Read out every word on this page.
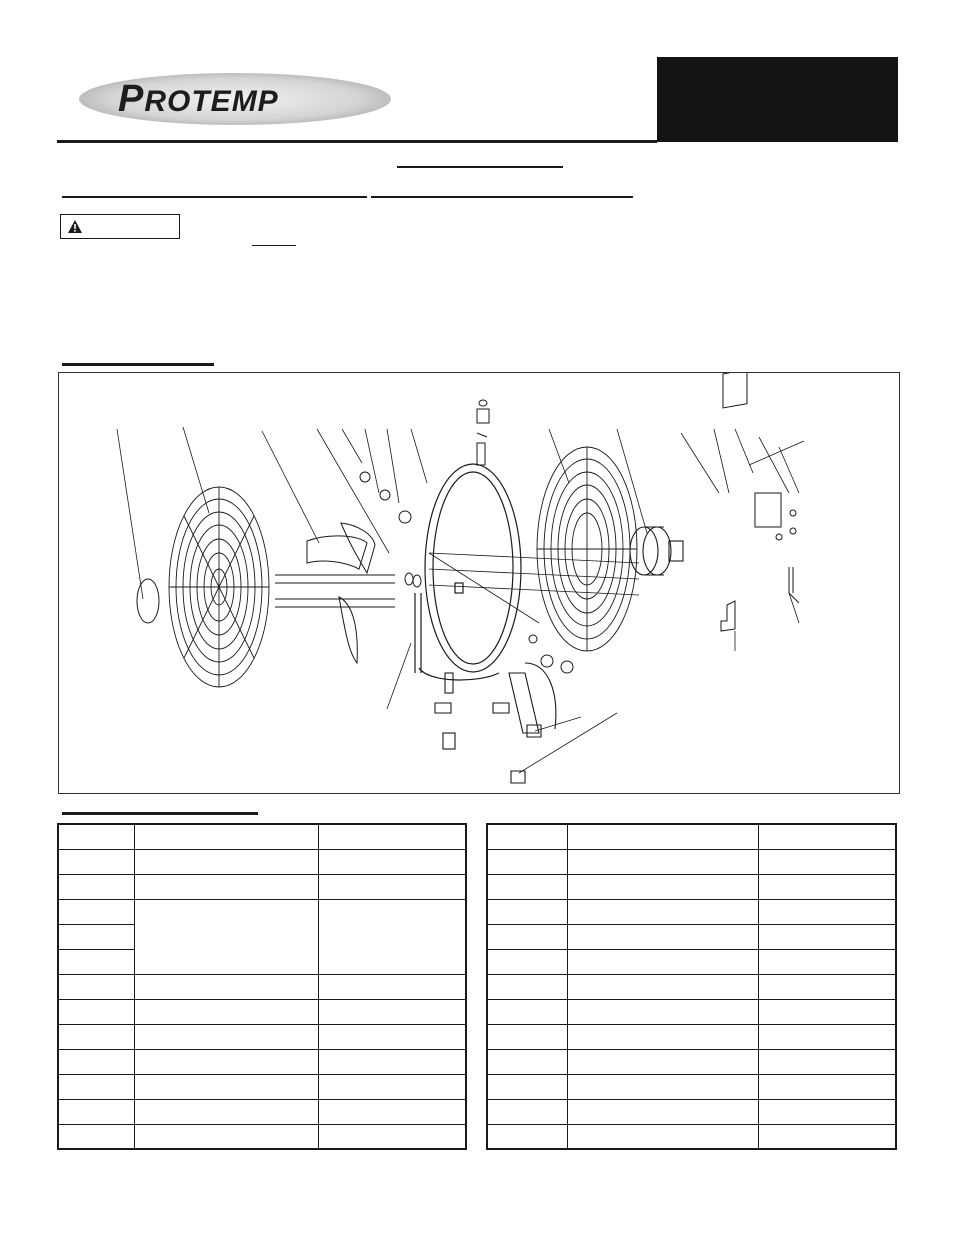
PROTEMP
